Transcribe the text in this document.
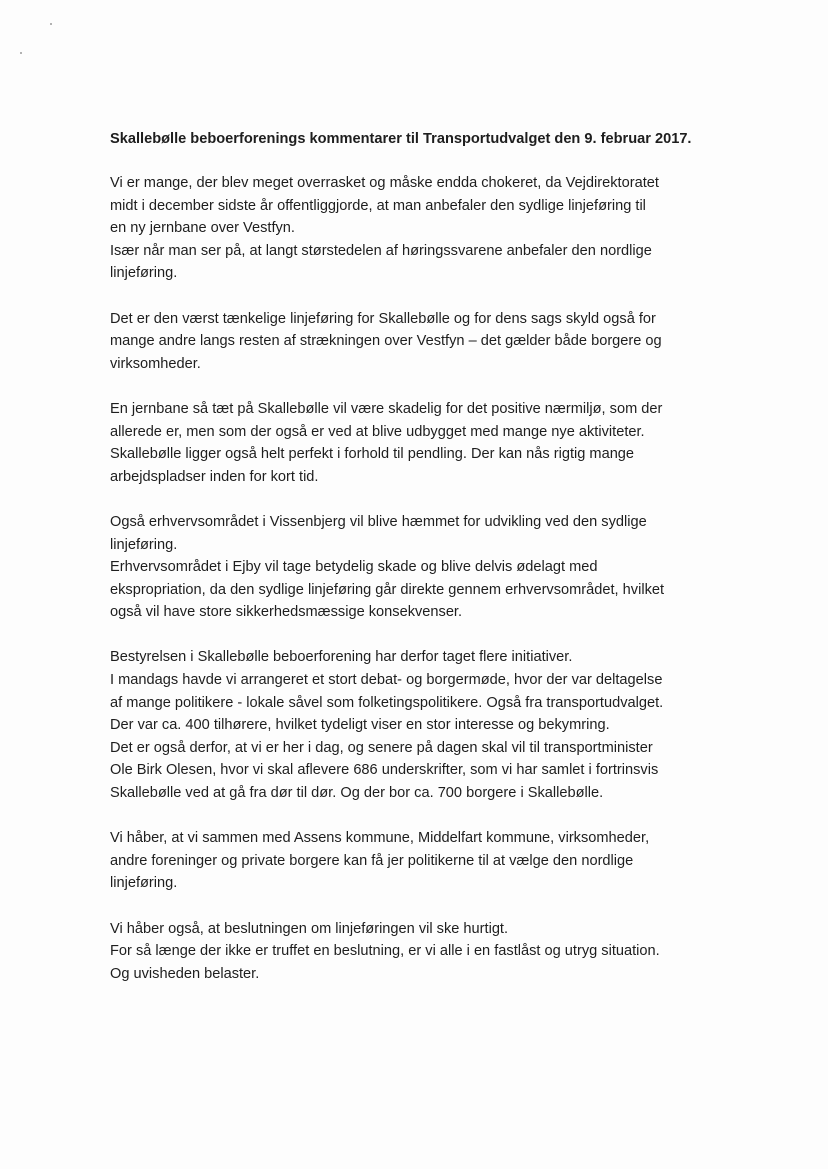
Skallebølle beboerforenings kommentarer til Transportudvalget den 9. februar 2017.
Vi er mange, der blev meget overrasket og måske endda chokeret, da Vejdirektoratet
midt i december sidste år offentliggjorde, at man anbefaler den sydlige linjeføring til
en ny jernbane over Vestfyn.
Især når man ser på, at langt størstedelen af høringssvarene anbefaler den nordlige
linjeføring.
Det er den værst tænkelige linjeføring for Skallebølle og for dens sags skyld også for
mange andre langs resten af strækningen over Vestfyn – det gælder både borgere og
virksomheder.
En jernbane så tæt på Skallebølle vil være skadelig for det positive nærmiljø, som der
allerede er, men som der også er ved at blive udbygget med mange nye aktiviteter.
Skallebølle ligger også helt perfekt i forhold til pendling. Der kan nås rigtig mange
arbejdspladser inden for kort tid.
Også erhvervsområdet i Vissenbjerg vil blive hæmmet for udvikling ved den sydlige
linjeføring.
Erhvervsområdet i Ejby vil tage betydelig skade og blive delvis ødelagt med
ekspropriation, da den sydlige linjeføring går direkte gennem erhvervsområdet, hvilket
også vil have store sikkerhedsmæssige konsekvenser.
Bestyrelsen i Skallebølle beboerforening har derfor taget flere initiativer.
I mandags havde vi arrangeret et stort debat- og borgermøde, hvor der var deltagelse
af mange politikere - lokale såvel som folketingspolitikere. Også fra transportudvalget.
Der var ca. 400 tilhørere, hvilket tydeligt viser en stor interesse og bekymring.
Det er også derfor, at vi er her i dag, og senere på dagen skal vil til transportminister
Ole Birk Olesen, hvor vi skal aflevere 686 underskrifter, som vi har samlet i fortrinsvis
Skallebølle ved at gå fra dør til dør. Og der bor ca. 700 borgere i Skallebølle.
Vi håber, at vi sammen med Assens kommune, Middelfart kommune, virksomheder,
andre foreninger og private borgere kan få jer politikerne til at vælge den nordlige
linjeføring.
Vi håber også, at beslutningen om linjeføringen vil ske hurtigt.
For så længe der ikke er truffet en beslutning, er vi alle i en fastlåst og utryg situation.
Og uvisheden belaster.
